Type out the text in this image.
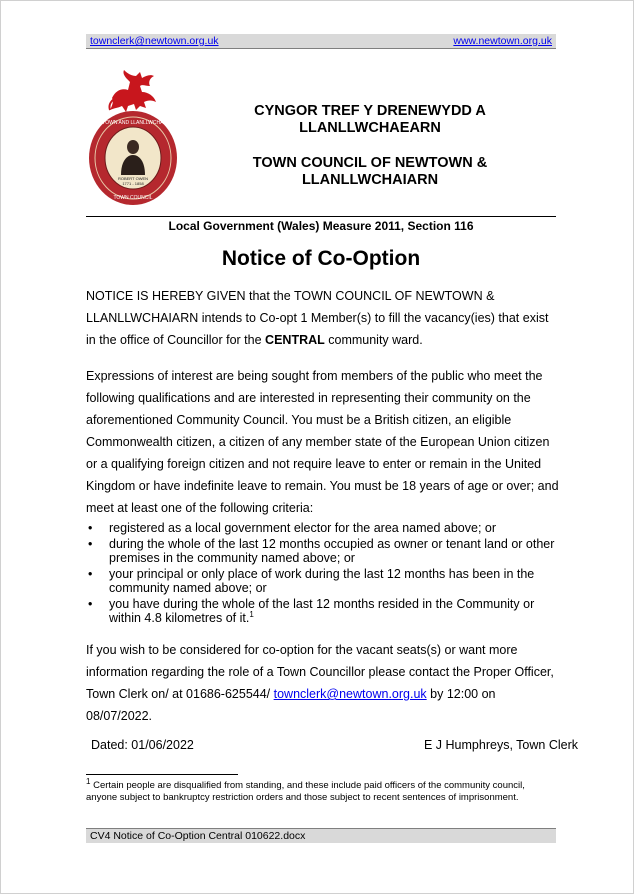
townclerk@newtown.org.uk	www.newtown.org.uk
NEWTOWN AND LLANLLWCHAIARN
TOWN COUNCIL
ROBERT OWEN
1771 - 1858
CYNGOR TREF Y DRENEWYDD A
LLANLLWCHAEARN
TOWN COUNCIL OF NEWTOWN &
LLANLLWCHAIARN
Local Government (Wales) Measure 2011, Section 116
Notice of Co-Option
NOTICE IS HEREBY GIVEN that the TOWN COUNCIL OF NEWTOWN & LLANLLWCHAIARN intends to Co-opt 1 Member(s) to fill the vacancy(ies) that exist in the office of Councillor for the CENTRAL community ward.
Expressions of interest are being sought from members of the public who meet the following qualifications and are interested in representing their community on the aforementioned Community Council. You must be a British citizen, an eligible Commonwealth citizen, a citizen of any member state of the European Union citizen or a qualifying foreign citizen and not require leave to enter or remain in the United Kingdom or have indefinite leave to remain. You must be 18 years of age or over; and meet at least one of the following criteria:
• registered as a local government elector for the area named above; or
• during the whole of the last 12 months occupied as owner or tenant land or other premises in the community named above; or
• your principal or only place of work during the last 12 months has been in the community named above; or
• you have during the whole of the last 12 months resided in the Community or within 4.8 kilometres of it.$^1$
If you wish to be considered for co-option for the vacant seats(s) or want more information regarding the role of a Town Councillor please contact the Proper Officer, Town Clerk on/ at 01686-625544/ townclerk@newtown.org.uk by 12:00 on 08/07/2022.
Dated: 01/06/2022	E J Humphreys, Town Clerk
$^1$ Certain people are disqualified from standing, and these include paid officers of the community council, anyone subject to bankruptcy restriction orders and those subject to recent sentences of imprisonment.
CV4 Notice of Co-Option Central 010622.docx
